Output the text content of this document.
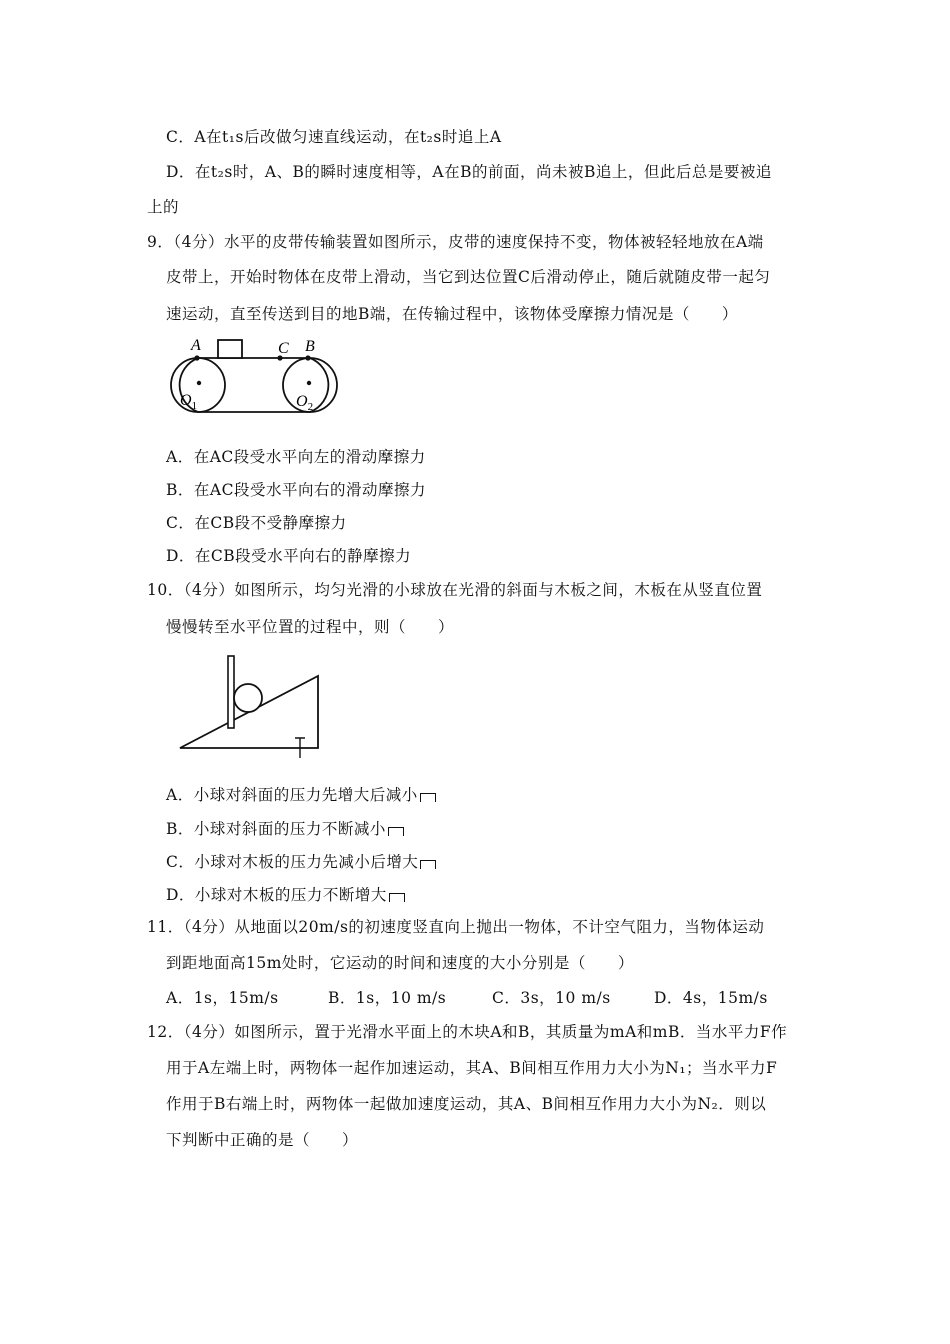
C．A在t₁s后改做匀速直线运动，在t₂s时追上A
D．在t₂s时，A、B的瞬时速度相等，A在B的前面，尚未被B追上，但此后总是要被追
上的
9．（4分）水平的皮带传输装置如图所示，皮带的速度保持不变，物体被轻轻地放在A端
皮带上，开始时物体在皮带上滑动，当它到达位置C后滑动停止，随后就随皮带一起匀
速运动，直至传送到目的地B端，在传输过程中，该物体受摩擦力情况是（　　）
A	C B
$O_1$	$O_2$
A．在AC段受水平向左的滑动摩擦力
B．在AC段受水平向右的滑动摩擦力
C．在CB段不受静摩擦力
D．在CB段受水平向右的静摩擦力
10．（4分）如图所示，均匀光滑的小球放在光滑的斜面与木板之间，木板在从竖直位置
慢慢转至水平位置的过程中，则（　　）
A．小球对斜面的压力先增大后减小
B．小球对斜面的压力不断减小
C．小球对木板的压力先减小后增大
D．小球对木板的压力不断增大
11．（4分）从地面以20m/s的初速度竖直向上抛出一物体，不计空气阻力，当物体运动
到距地面高15m处时，它运动的时间和速度的大小分别是（　　）
A．1s，15m/s	B．1s，10 m/s	C．3s，10 m/s	D．4s，15m/s
12．（4分）如图所示，置于光滑水平面上的木块A和B，其质量为mA和mB．当水平力F作
用于A左端上时，两物体一起作加速运动，其A、B间相互作用力大小为N₁；当水平力F
作用于B右端上时，两物体一起做加速度运动，其A、B间相互作用力大小为N₂．则以
下判断中正确的是（　　）
